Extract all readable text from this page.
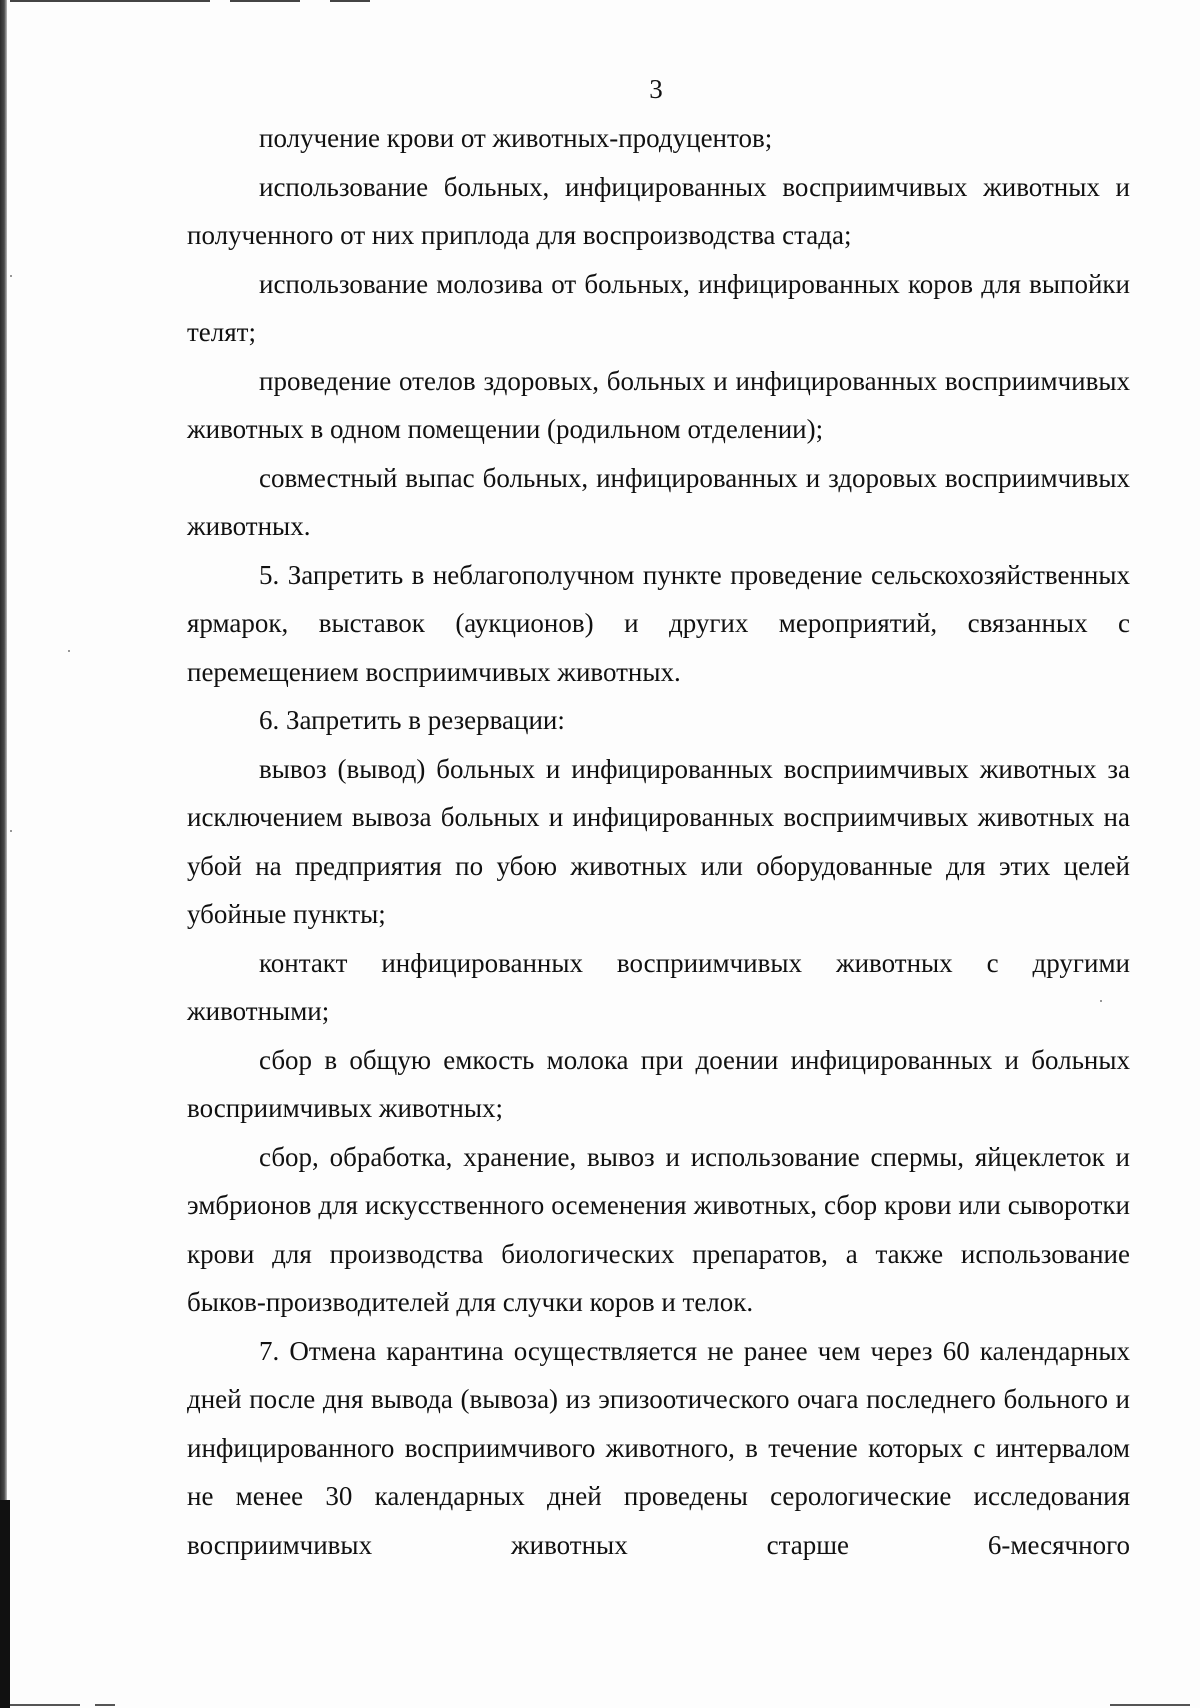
3

получение крови от животных-продуцентов;

использование больных, инфицированных восприимчивых животных и полученного от них приплода для воспроизводства стада;

использование молозива от больных, инфицированных коров для выпойки телят;

проведение отелов здоровых, больных и инфицированных восприимчивых животных в одном помещении (родильном отделении);

совместный выпас больных, инфицированных и здоровых восприимчивых животных.

5. Запретить в неблагополучном пункте проведение сельскохозяйственных ярмарок, выставок (аукционов) и других мероприятий, связанных с перемещением восприимчивых животных.

6. Запретить в резервации:

вывоз (вывод) больных и инфицированных восприимчивых животных за исключением вывоза больных и инфицированных восприимчивых животных на убой на предприятия по убою животных или оборудованные для этих целей убойные пункты;

контакт инфицированных восприимчивых животных с другими животными;

сбор в общую емкость молока при доении инфицированных и больных восприимчивых животных;

сбор, обработка, хранение, вывоз и использование спермы, яйцеклеток и эмбрионов для искусственного осеменения животных, сбор крови или сыворотки крови для производства биологических препаратов, а также использование быков-производителей для случки коров и телок.

7. Отмена карантина осуществляется не ранее чем через 60 календарных дней после дня вывода (вывоза) из эпизоотического очага последнего больного и инфицированного восприимчивого животного, в течение которых с интервалом не менее 30 календарных дней проведены серологические исследования восприимчивых животных старше 6-месячного
